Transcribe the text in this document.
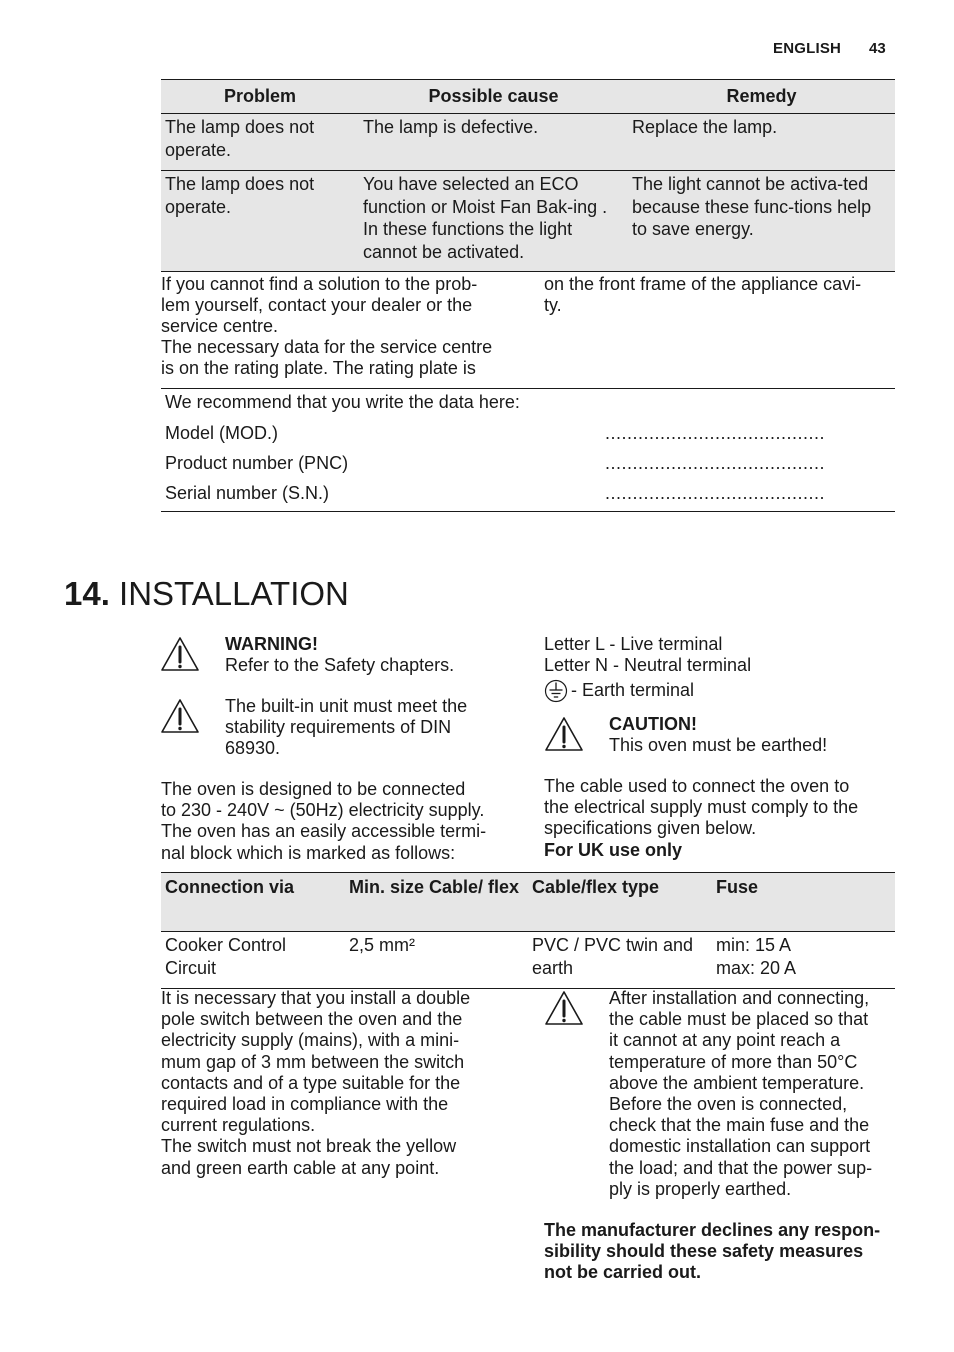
ENGLISH 43
Problem	Possible cause	Remedy
The lamp does not operate.	The lamp is defective.	Replace the lamp.
The lamp does not operate.	You have selected an ECO function or Moist Fan Bak-ing . In these functions the light cannot be activated.	The light cannot be activa-ted because these func-tions help to save energy.
If you cannot find a solution to the prob-
lem yourself, contact your dealer or the
service centre.
The necessary data for the service centre
is on the rating plate. The rating plate is
on the front frame of the appliance cavi-
ty.
We recommend that you write the data here:
Model (MOD.)	........................................
Product number (PNC)	........................................
Serial number (S.N.)	........................................
14. INSTALLATION
WARNING!
Refer to the Safety chapters.
The built-in unit must meet the
stability requirements of DIN
68930.
The oven is designed to be connected
to 230 - 240V ~ (50Hz) electricity supply.
The oven has an easily accessible termi-
nal block which is marked as follows:
Letter L - Live terminal
Letter N - Neutral terminal
- Earth terminal
CAUTION!
This oven must be earthed!
The cable used to connect the oven to
the electrical supply must comply to the
specifications given below.
For UK use only
Connection via	Min. size Cable/ flex	Cable/flex type	Fuse
Cooker Control Circuit	2,5 mm²	PVC / PVC twin and earth	min: 15 A
max: 20 A
It is necessary that you install a double
pole switch between the oven and the
electricity supply (mains), with a mini-
mum gap of 3 mm between the switch
contacts and of a type suitable for the
required load in compliance with the
current regulations.
The switch must not break the yellow
and green earth cable at any point.
After installation and connecting,
the cable must be placed so that
it cannot at any point reach a
temperature of more than 50°C
above the ambient temperature.
Before the oven is connected,
check that the main fuse and the
domestic installation can support
the load; and that the power sup-
ply is properly earthed.
The manufacturer declines any respon-
sibility should these safety measures
not be carried out.
